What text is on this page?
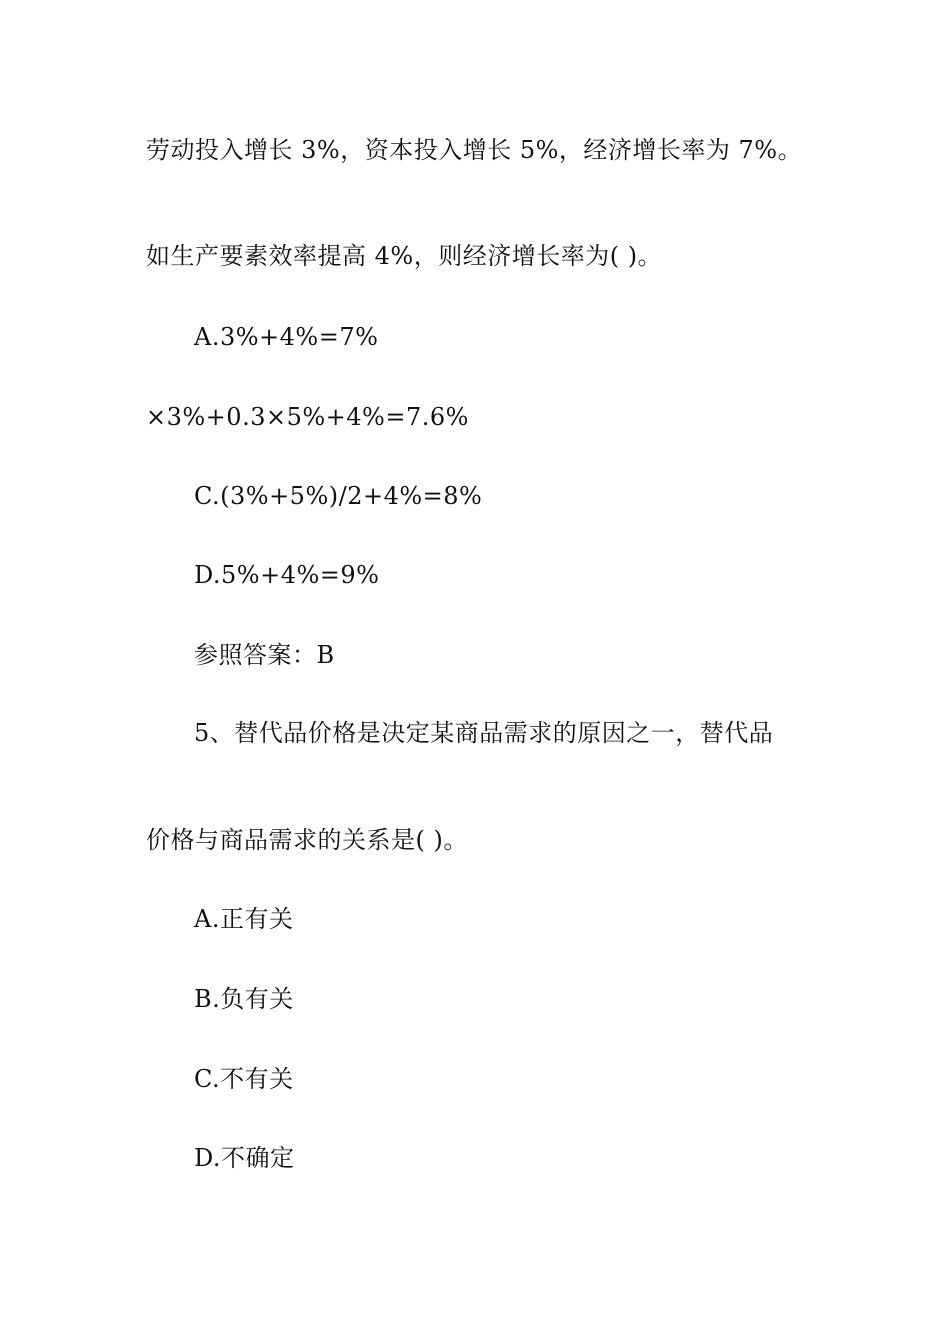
劳动投入增长 3%，资本投入增长 5%，经济增长率为 7%。
如生产要素效率提高 4%，则经济增长率为( )。
A.3%+4%=7%
×3%+0.3×5%+4%=7.6%
C.(3%+5%)/2+4%=8%
D.5%+4%=9%
参照答案：B
5、替代品价格是决定某商品需求的原因之一，替代品
价格与商品需求的关系是( )。
A.正有关
B.负有关
C.不有关
D.不确定
